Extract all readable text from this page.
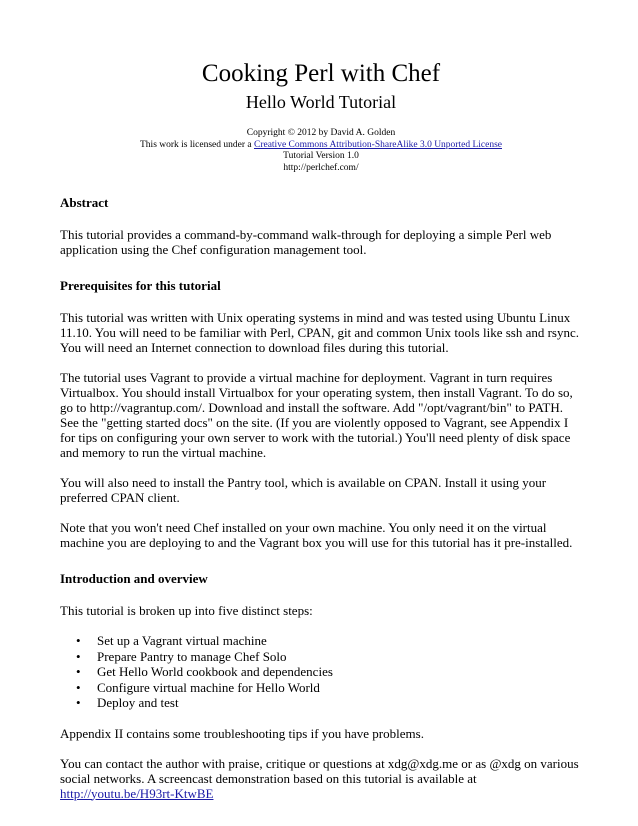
Cooking Perl with Chef
Hello World Tutorial

Copyright © 2012 by David A. Golden

This work is licensed under a Creative Commons Attribution-ShareAlike 3.0 Unported License

Tutorial Version 1.0

http://perlchef.com/

Abstract

This tutorial provides a command-by-command walk-through for deploying a simple Perl web application using the Chef configuration management tool.

Prerequisites for this tutorial

This tutorial was written with Unix operating systems in mind and was tested using Ubuntu Linux 11.10. You will need to be familiar with Perl, CPAN, git and common Unix tools like ssh and rsync. You will need an Internet connection to download files during this tutorial.

The tutorial uses Vagrant to provide a virtual machine for deployment. Vagrant in turn requires Virtualbox. You should install Virtualbox for your operating system, then install Vagrant. To do so, go to http://vagrantup.com/. Download and install the software. Add "/opt/vagrant/bin" to PATH. See the "getting started docs" on the site. (If you are violently opposed to Vagrant, see Appendix I for tips on configuring your own server to work with the tutorial.) You'll need plenty of disk space and memory to run the virtual machine.

You will also need to install the Pantry tool, which is available on CPAN. Install it using your preferred CPAN client.

Note that you won't need Chef installed on your own machine. You only need it on the virtual machine you are deploying to and the Vagrant box you will use for this tutorial has it pre-installed.

Introduction and overview

This tutorial is broken up into five distinct steps:

• Set up a Vagrant virtual machine
• Prepare Pantry to manage Chef Solo
• Get Hello World cookbook and dependencies
• Configure virtual machine for Hello World
• Deploy and test

Appendix II contains some troubleshooting tips if you have problems.

You can contact the author with praise, critique or questions at xdg@xdg.me or as @xdg on various social networks. A screencast demonstration based on this tutorial is available at
http://youtu.be/H93rt-KtwBE
